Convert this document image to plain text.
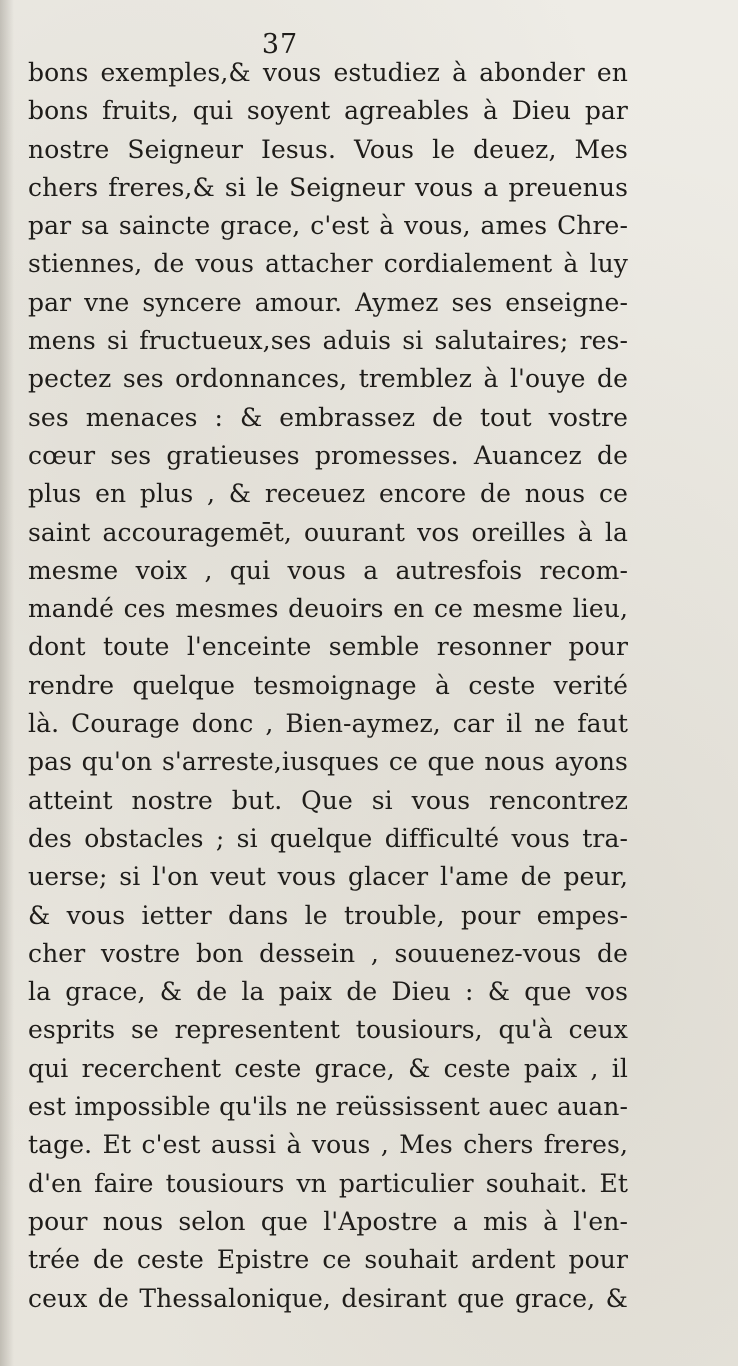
37
bons exemples,& vous estudiez à abonder en
bons fruits, qui soyent agreables à Dieu par
nostre Seigneur Iesus. Vous le deuez, Mes
chers freres,& si le Seigneur vous a preuenus
par sa saincte grace, c'est à vous, ames Chre-
stiennes, de vous attacher cordialement à luy
par vne syncere amour. Aymez ses enseigne-
mens si fructueux,ses aduis si salutaires; res-
pectez ses ordonnances, tremblez à l'ouye de
ses menaces : & embrassez de tout vostre
cœur ses gratieuses promesses. Auancez de
plus en plus , & receuez encore de nous ce
saint accouragemēt, ouurant vos oreilles à la
mesme voix , qui vous a autresfois recom-
mandé ces mesmes deuoirs en ce mesme lieu,
dont toute l'enceinte semble resonner pour
rendre quelque tesmoignage à ceste verité
là. Courage donc , Bien-aymez, car il ne faut
pas qu'on s'arreste,iusques ce que nous ayons
atteint nostre but. Que si vous rencontrez
des obstacles ; si quelque difficulté vous tra-
uerse; si l'on veut vous glacer l'ame de peur,
& vous ietter dans le trouble, pour empes-
cher vostre bon dessein , souuenez-vous de
la grace, & de la paix de Dieu : & que vos
esprits se representent tousiours, qu'à ceux
qui recerchent ceste grace, & ceste paix , il
est impossible qu'ils ne reüssissent auec auan-
tage. Et c'est aussi à vous , Mes chers freres,
d'en faire tousiours vn particulier souhait. Et
pour nous selon que l'Apostre a mis à l'en-
trée de ceste Epistre ce souhait ardent pour
ceux de Thessalonique, desirant que grace, &
